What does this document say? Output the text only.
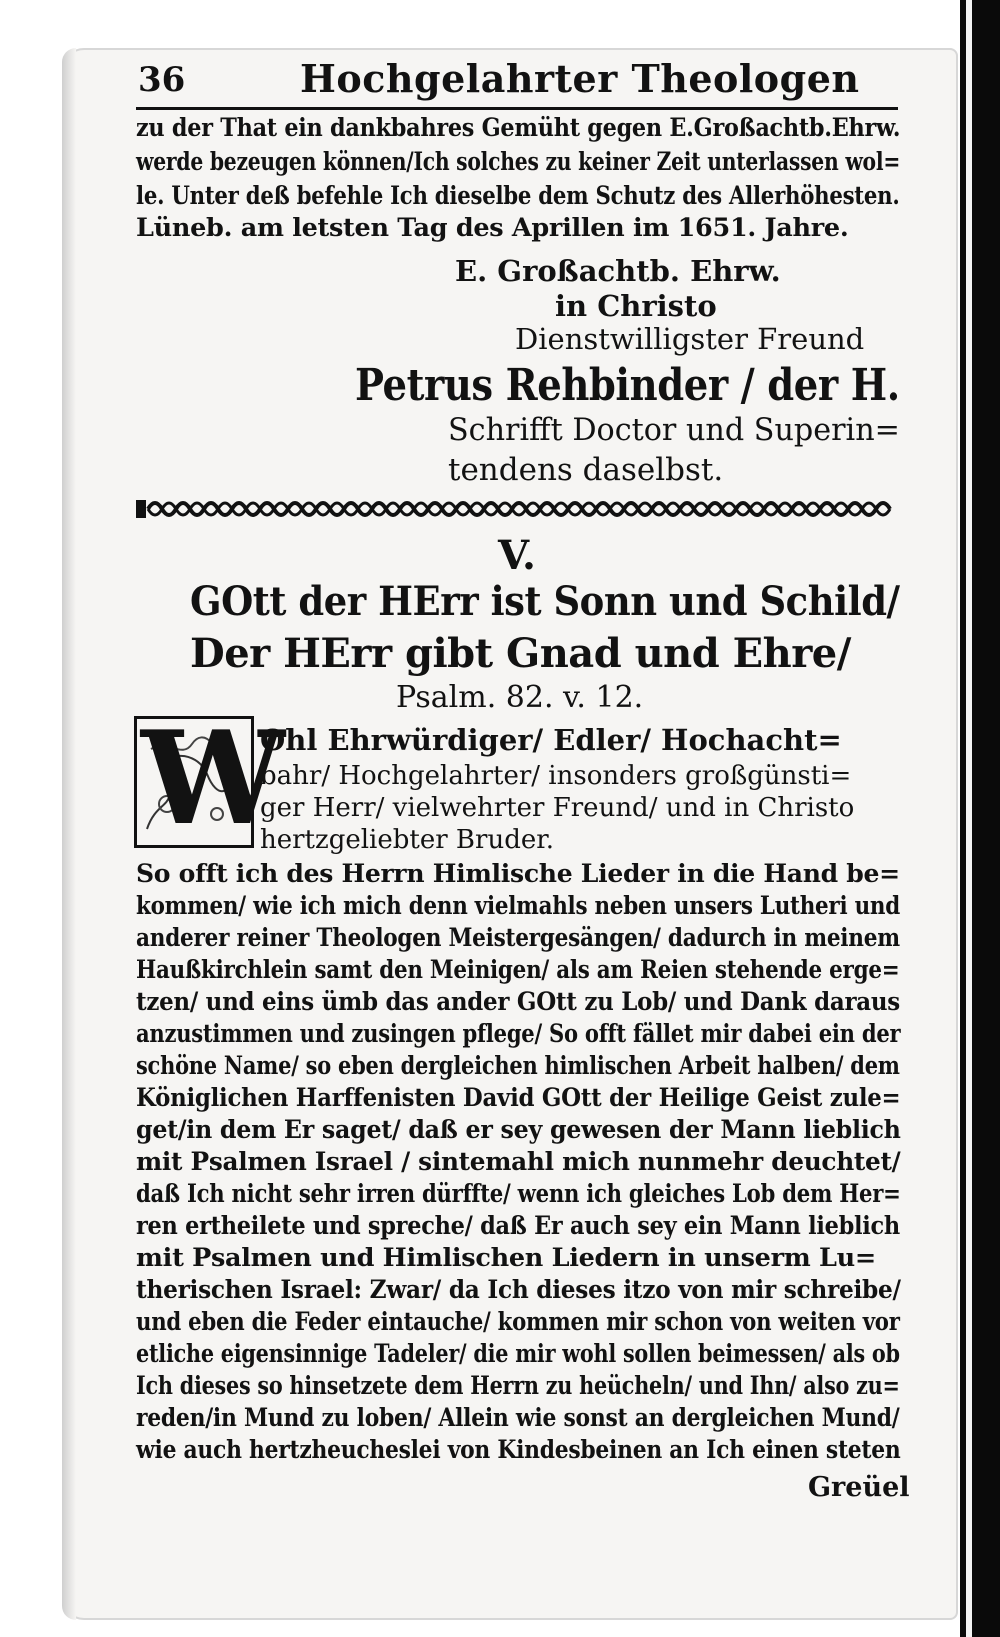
36	Hochgelahrter Theologen
zu der That ein dankbahres Gemüht gegen E.Großachtb.Ehrw.
werde bezeugen können/Ich solches zu keiner Zeit unterlassen wol=
le. Unter deß befehle Ich dieselbe dem Schutz des Allerhöhesten.
Lüneb. am letsten Tag des Aprillen im 1651. Jahre.
E. Großachtb. Ehrw.
in Christo
Dienstwilligster Freund
Petrus Rehbinder / der H.
Schrifft Doctor und Superin=
tendens daselbst.
V.
GOtt der HErr ist Sonn und Schild/
Der HErr gibt Gnad und Ehre/
Psalm. 82. v. 12.
W
Ohl Ehrwürdiger/ Edler/ Hochacht=
bahr/ Hochgelahrter/ insonders großgünsti=
ger Herr/ vielwehrter Freund/ und in Christo
hertzgeliebter Bruder.
So offt ich des Herrn Himlische Lieder in die Hand be=
kommen/ wie ich mich denn vielmahls neben unsers Lutheri und
anderer reiner Theologen Meistergesängen/ dadurch in meinem
Haußkirchlein samt den Meinigen/ als am Reien stehende erge=
tzen/ und eins ümb das ander GOtt zu Lob/ und Dank daraus
anzustimmen und zusingen pflege/ So offt fället mir dabei ein der
schöne Name/ so eben dergleichen himlischen Arbeit halben/ dem
Königlichen Harffenisten David GOtt der Heilige Geist zule=
get/in dem Er saget/ daß er sey gewesen der Mann lieblich
mit Psalmen Israel / sintemahl mich nunmehr deuchtet/
daß Ich nicht sehr irren dürffte/ wenn ich gleiches Lob dem Her=
ren ertheilete und spreche/ daß Er auch sey ein Mann lieblich
mit Psalmen und Himlischen Liedern in unserm Lu=
therischen Israel: Zwar/ da Ich dieses itzo von mir schreibe/
und eben die Feder eintauche/ kommen mir schon von weiten vor
etliche eigensinnige Tadeler/ die mir wohl sollen beimessen/ als ob
Ich dieses so hinsetzete dem Herrn zu heücheln/ und Ihn/ also zu=
reden/in Mund zu loben/ Allein wie sonst an dergleichen Mund/
wie auch hertzheucheslei von Kindesbeinen an Ich einen steten
Greüel
